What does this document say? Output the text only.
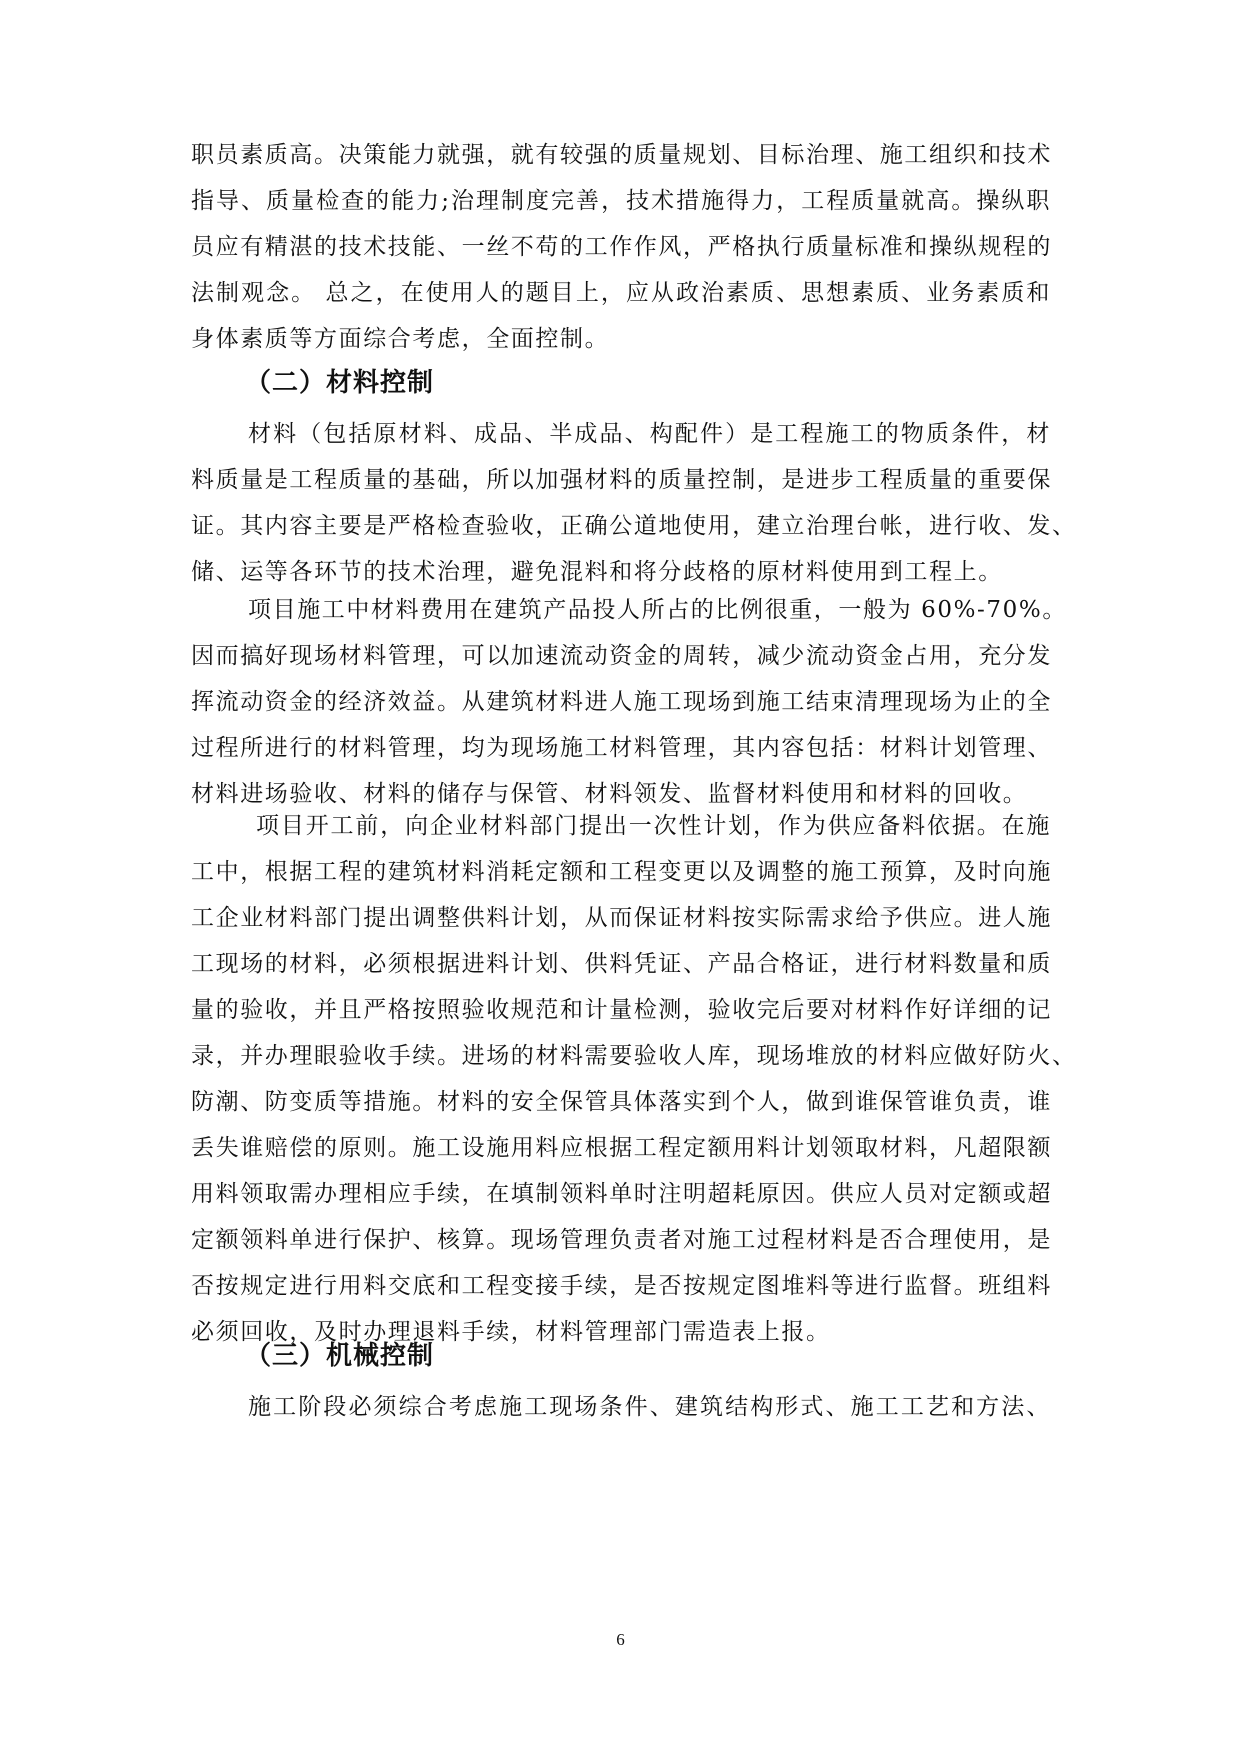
职员素质高。决策能力就强，就有较强的质量规划、目标治理、施工组织和技术
指导、质量检查的能力;治理制度完善，技术措施得力，工程质量就高。操纵职
员应有精湛的技术技能、一丝不苟的工作作风，严格执行质量标准和操纵规程的
法制观念。 总之，在使用人的题目上，应从政治素质、思想素质、业务素质和
身体素质等方面综合考虑，全面控制。
（二）材料控制
材料（包括原材料、成品、半成品、构配件）是工程施工的物质条件，材
料质量是工程质量的基础，所以加强材料的质量控制，是进步工程质量的重要保
证。其内容主要是严格检查验收，正确公道地使用，建立治理台帐，进行收、发、
储、运等各环节的技术治理，避免混料和将分歧格的原材料使用到工程上。
项目施工中材料费用在建筑产品投人所占的比例很重，一般为 60%-70%。
因而搞好现场材料管理，可以加速流动资金的周转，减少流动资金占用，充分发
挥流动资金的经济效益。从建筑材料进人施工现场到施工结束清理现场为止的全
过程所进行的材料管理，均为现场施工材料管理，其内容包括：材料计划管理、
材料进场验收、材料的储存与保管、材料领发、监督材料使用和材料的回收。
项目开工前，向企业材料部门提出一次性计划，作为供应备料依据。在施
工中，根据工程的建筑材料消耗定额和工程变更以及调整的施工预算，及时向施
工企业材料部门提出调整供料计划，从而保证材料按实际需求给予供应。进人施
工现场的材料，必须根据进料计划、供料凭证、产品合格证，进行材料数量和质
量的验收，并且严格按照验收规范和计量检测，验收完后要对材料作好详细的记
录，并办理眼验收手续。进场的材料需要验收人库，现场堆放的材料应做好防火、
防潮、防变质等措施。材料的安全保管具体落实到个人，做到谁保管谁负责，谁
丢失谁赔偿的原则。施工设施用料应根据工程定额用料计划领取材料，凡超限额
用料领取需办理相应手续，在填制领料单时注明超耗原因。供应人员对定额或超
定额领料单进行保护、核算。现场管理负责者对施工过程材料是否合理使用，是
否按规定进行用料交底和工程变接手续，是否按规定图堆料等进行监督。班组料
必须回收，及时办理退料手续，材料管理部门需造表上报。
（三）机械控制
施工阶段必须综合考虑施工现场条件、建筑结构形式、施工工艺和方法、
6
